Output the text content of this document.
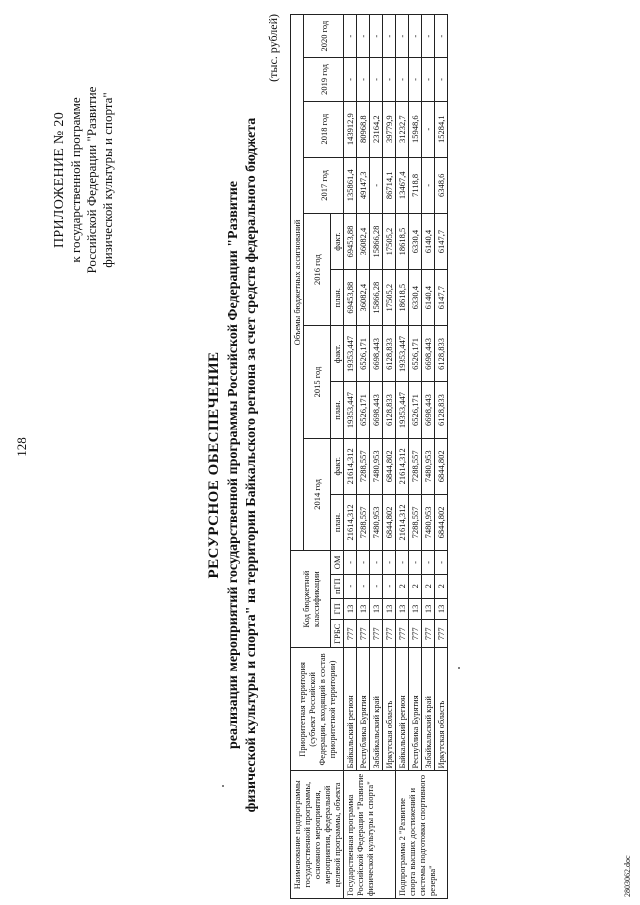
128
ПРИЛОЖЕНИЕ № 20 к государственной программе Российской Федерации "Развитие физической культуры и спорта"
РЕСУРСНОЕ ОБЕСПЕЧЕНИЕ реализации мероприятий государственной программы Российской Федерации "Развитие физической культуры и спорта" на территории Байкальского региона за счет средств федерального бюджета
(тыс. рублей)
Наименование подпрограммы государственной программы, основного мероприятия, мероприятия, федеральной целевой программы, объекта	Приоритетная территория (субъект Российской Федерации, входящий в состав приоритетной территории)	Код бюджетной классификации				Объемы бюджетных ассигнований									
						2014 год		2015 год		2016 год		2017 год	2018 год	2019 год	2020 год
		ГРБС	ГП	пГП	ОМ	план.	факт.	план.	факт.	план.	факт.				
Государственная программа Российской Федерации "Развитие физической культуры и спорта"	Байкальский регион	777	13	-	-	21614,312	21614,312	19353,447	19353,447	69453,88	69453,88	135861,4	143912,9	-	-
	Республика Бурятия	777	13	-	-	7288,557	7288,557	6526,171	6526,171	36082,4	36082,4	49147,3	80968,8	-	-
	Забайкальский край	777	13	-	-	7480,953	7480,953	6698,443	6698,443	15866,28	15866,28	-	23164,2	-	-
	Иркутская область	777	13	-	-	6844,802	6844,802	6128,833	6128,833	17505,2	17505,2	86714,1	39779,9	-	-
Подпрограмма 2 "Развитие спорта высших достижений и системы подготовки спортивного резерва"	Байкальский регион	777	13	2	-	21614,312	21614,312	19353,447	19353,447	18618,5	18618,5	13467,4	31232,7	-	-
	Республика Бурятия	777	13	2	-	7288,557	7288,557	6526,171	6526,171	6330,4	6330,4	7118,8	15948,6	-	-
	Забайкальский край	777	13	2	-	7480,953	7480,953	6698,443	6698,443	6140,4	6140,4	-	-	-	-
	Иркутская область	777	13	2	-	6844,802	6844,802	6128,833	6128,833	6147,7	6147,7	6348,6	15284,1	-	-
2803062.doc
